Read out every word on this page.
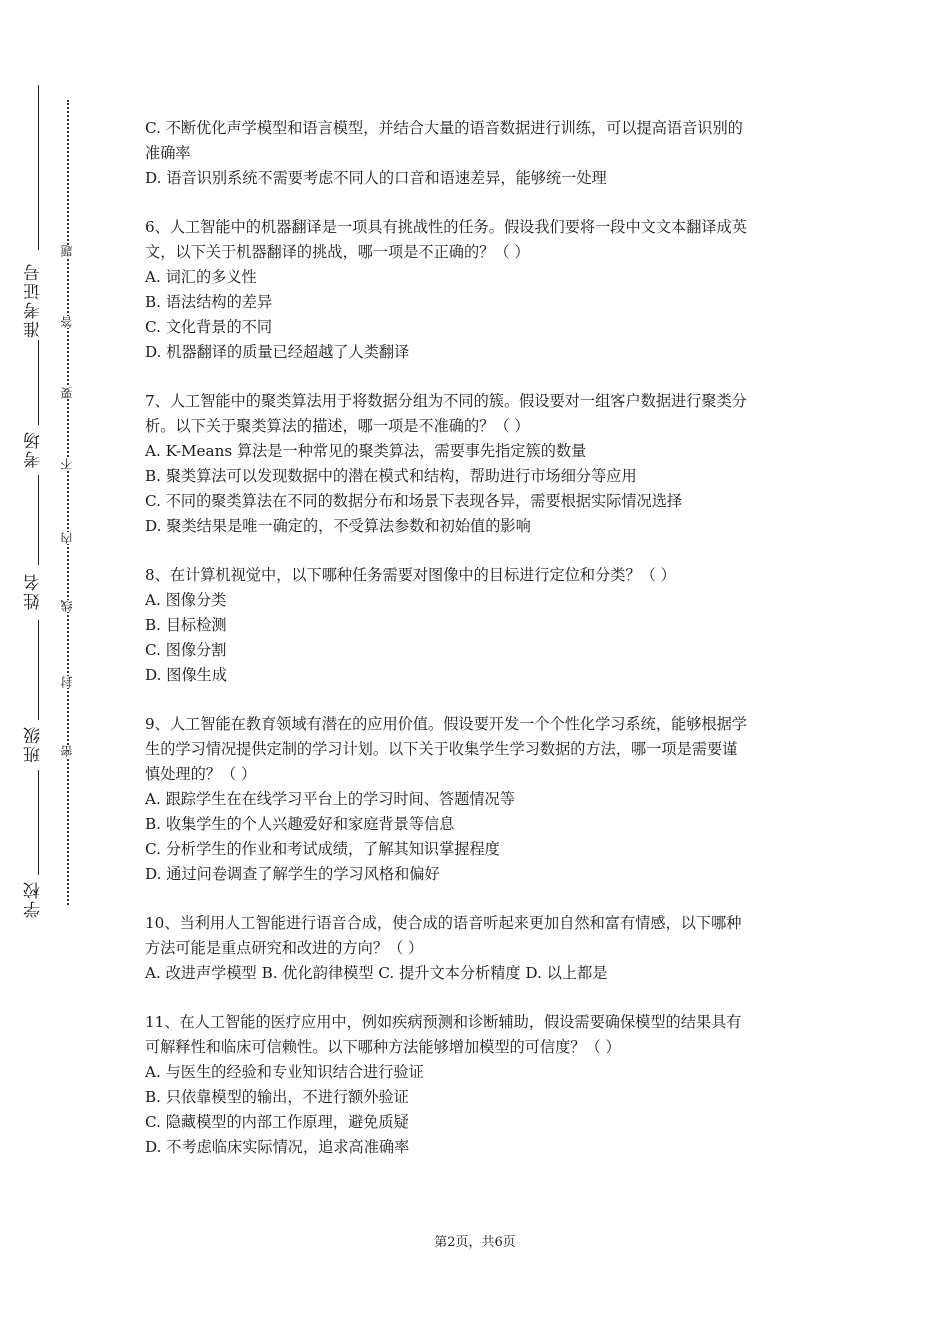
学校
班级
姓名
考场
准考证号
密
封
线
内
不
要
答
题
C. 不断优化声学模型和语言模型，并结合大量的语音数据进行训练，可以提高语音识别的
准确率
D. 语音识别系统不需要考虑不同人的口音和语速差异，能够统一处理
6、人工智能中的机器翻译是一项具有挑战性的任务。假设我们要将一段中文文本翻译成英
文，以下关于机器翻译的挑战，哪一项是不正确的？（ ）
A. 词汇的多义性
B. 语法结构的差异
C. 文化背景的不同
D. 机器翻译的质量已经超越了人类翻译
7、人工智能中的聚类算法用于将数据分组为不同的簇。假设要对一组客户数据进行聚类分
析。以下关于聚类算法的描述，哪一项是不准确的？（ ）
A. K-Means 算法是一种常见的聚类算法，需要事先指定簇的数量
B. 聚类算法可以发现数据中的潜在模式和结构，帮助进行市场细分等应用
C. 不同的聚类算法在不同的数据分布和场景下表现各异，需要根据实际情况选择
D. 聚类结果是唯一确定的，不受算法参数和初始值的影响
8、在计算机视觉中，以下哪种任务需要对图像中的目标进行定位和分类？（ ）
A. 图像分类
B. 目标检测
C. 图像分割
D. 图像生成
9、人工智能在教育领域有潜在的应用价值。假设要开发一个个性化学习系统，能够根据学
生的学习情况提供定制的学习计划。以下关于收集学生学习数据的方法，哪一项是需要谨
慎处理的？（ ）
A. 跟踪学生在在线学习平台上的学习时间、答题情况等
B. 收集学生的个人兴趣爱好和家庭背景等信息
C. 分析学生的作业和考试成绩，了解其知识掌握程度
D. 通过问卷调查了解学生的学习风格和偏好
10、当利用人工智能进行语音合成，使合成的语音听起来更加自然和富有情感，以下哪种
方法可能是重点研究和改进的方向？（ ）
A. 改进声学模型 B. 优化韵律模型 C. 提升文本分析精度 D. 以上都是
11、在人工智能的医疗应用中，例如疾病预测和诊断辅助，假设需要确保模型的结果具有
可解释性和临床可信赖性。以下哪种方法能够增加模型的可信度？（ ）
A. 与医生的经验和专业知识结合进行验证
B. 只依靠模型的输出，不进行额外验证
C. 隐藏模型的内部工作原理，避免质疑
D. 不考虑临床实际情况，追求高准确率
第2页，共6页
